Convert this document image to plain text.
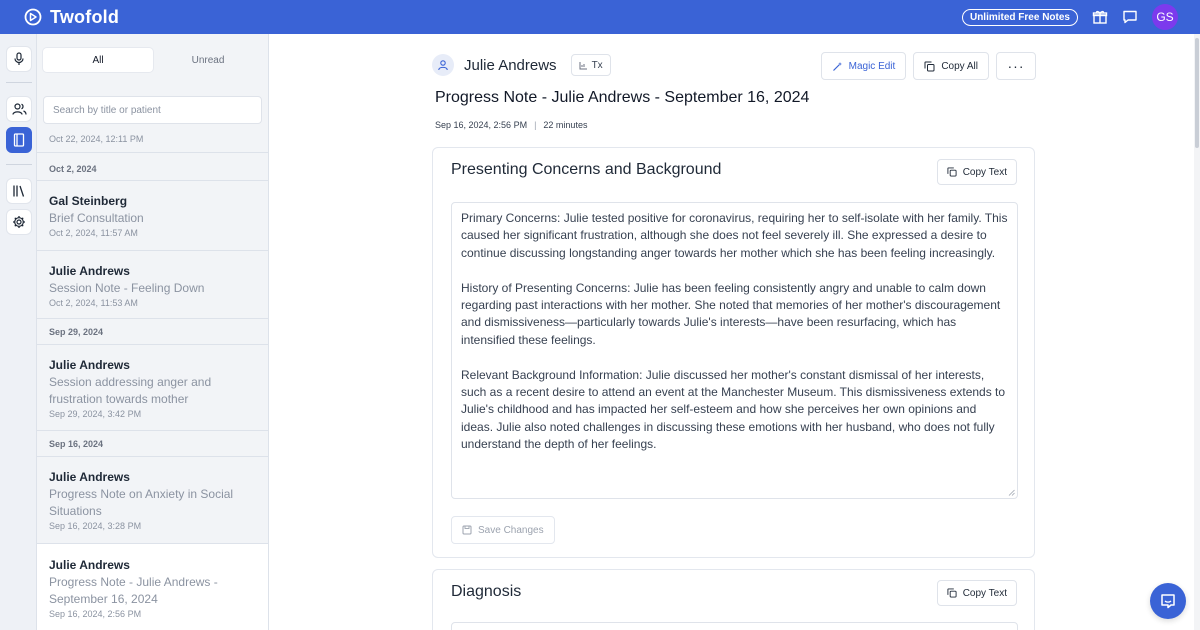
Twofold	Unlimited Free Notes	GS
All	Unread
Search by title or patient
Oct 22, 2024, 12:11 PM
Oct 2, 2024
Gal Steinberg
Brief Consultation
Oct 2, 2024, 11:57 AM
Julie Andrews
Session Note - Feeling Down
Oct 2, 2024, 11:53 AM
Sep 29, 2024
Julie Andrews
Session addressing anger and frustration towards mother
Sep 29, 2024, 3:42 PM
Sep 16, 2024
Julie Andrews
Progress Note on Anxiety in Social Situations
Sep 16, 2024, 3:28 PM
Julie Andrews
Progress Note - Julie Andrews - September 16, 2024
Sep 16, 2024, 2:56 PM
Julie Andrews	Tx	Magic Edit	Copy All	···
Progress Note - Julie Andrews - September 16, 2024
Sep 16, 2024, 2:56 PM | 22 minutes
Presenting Concerns and Background	Copy Text

Primary Concerns: Julie tested positive for coronavirus, requiring her to self-isolate with her family. This caused her significant frustration, although she does not feel severely ill. She expressed a desire to continue discussing longstanding anger towards her mother which she has been feeling increasingly.

History of Presenting Concerns: Julie has been feeling consistently angry and unable to calm down regarding past interactions with her mother. She noted that memories of her mother's discouragement and dismissiveness—particularly towards Julie's interests—have been resurfacing, which has intensified these feelings.

Relevant Background Information: Julie discussed her mother's constant dismissal of her interests, such as a recent desire to attend an event at the Manchester Museum. This dismissiveness extends to Julie's childhood and has impacted her self-esteem and how she perceives her own opinions and ideas. Julie also noted challenges in discussing these emotions with her husband, who does not fully understand the depth of her feelings.

Save Changes
Diagnosis	Copy Text
